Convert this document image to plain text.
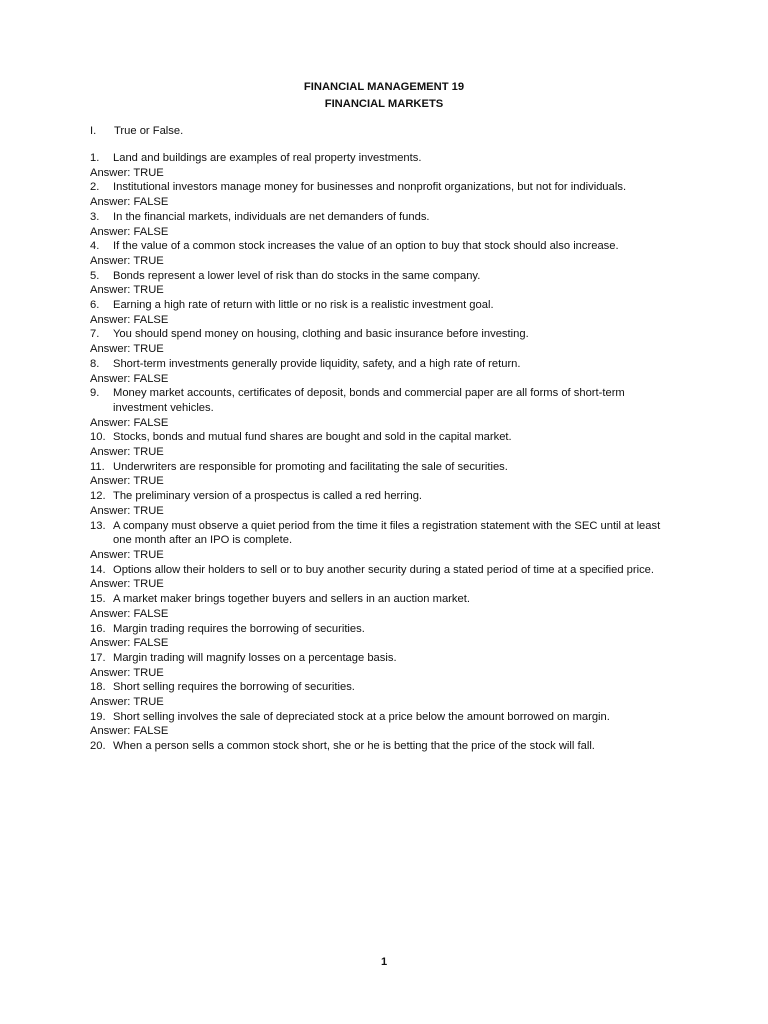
FINANCIAL MANAGEMENT 19
FINANCIAL MARKETS
I. True or False.
1.	Land and buildings are examples of real property investments.
Answer: TRUE
2.	Institutional investors manage money for businesses and nonprofit organizations, but not for individuals.
Answer: FALSE
3.	In the financial markets, individuals are net demanders of funds.
Answer: FALSE
4.	If the value of a common stock increases the value of an option to buy that stock should also increase.
Answer: TRUE
5.	Bonds represent a lower level of risk than do stocks in the same company.
Answer: TRUE
6.	Earning a high rate of return with little or no risk is a realistic investment goal.
Answer: FALSE
7.	You should spend money on housing, clothing and basic insurance before investing.
Answer: TRUE
8.	Short-term investments generally provide liquidity, safety, and a high rate of return.
Answer: FALSE
9.	Money market accounts, certificates of deposit, bonds and commercial paper are all forms of short-term investment vehicles.
Answer: FALSE
10. Stocks, bonds and mutual fund shares are bought and sold in the capital market.
Answer: TRUE
11. Underwriters are responsible for promoting and facilitating the sale of securities.
Answer: TRUE
12. The preliminary version of a prospectus is called a red herring.
Answer: TRUE
13. A company must observe a quiet period from the time it files a registration statement with the SEC until at least one month after an IPO is complete.
Answer: TRUE
14. Options allow their holders to sell or to buy another security during a stated period of time at a specified price.
Answer: TRUE
15. A market maker brings together buyers and sellers in an auction market.
Answer: FALSE
16. Margin trading requires the borrowing of securities.
Answer: FALSE
17. Margin trading will magnify losses on a percentage basis.
Answer: TRUE
18. Short selling requires the borrowing of securities.
Answer: TRUE
19. Short selling involves the sale of depreciated stock at a price below the amount borrowed on margin.
Answer: FALSE
20. When a person sells a common stock short, she or he is betting that the price of the stock will fall.
1
